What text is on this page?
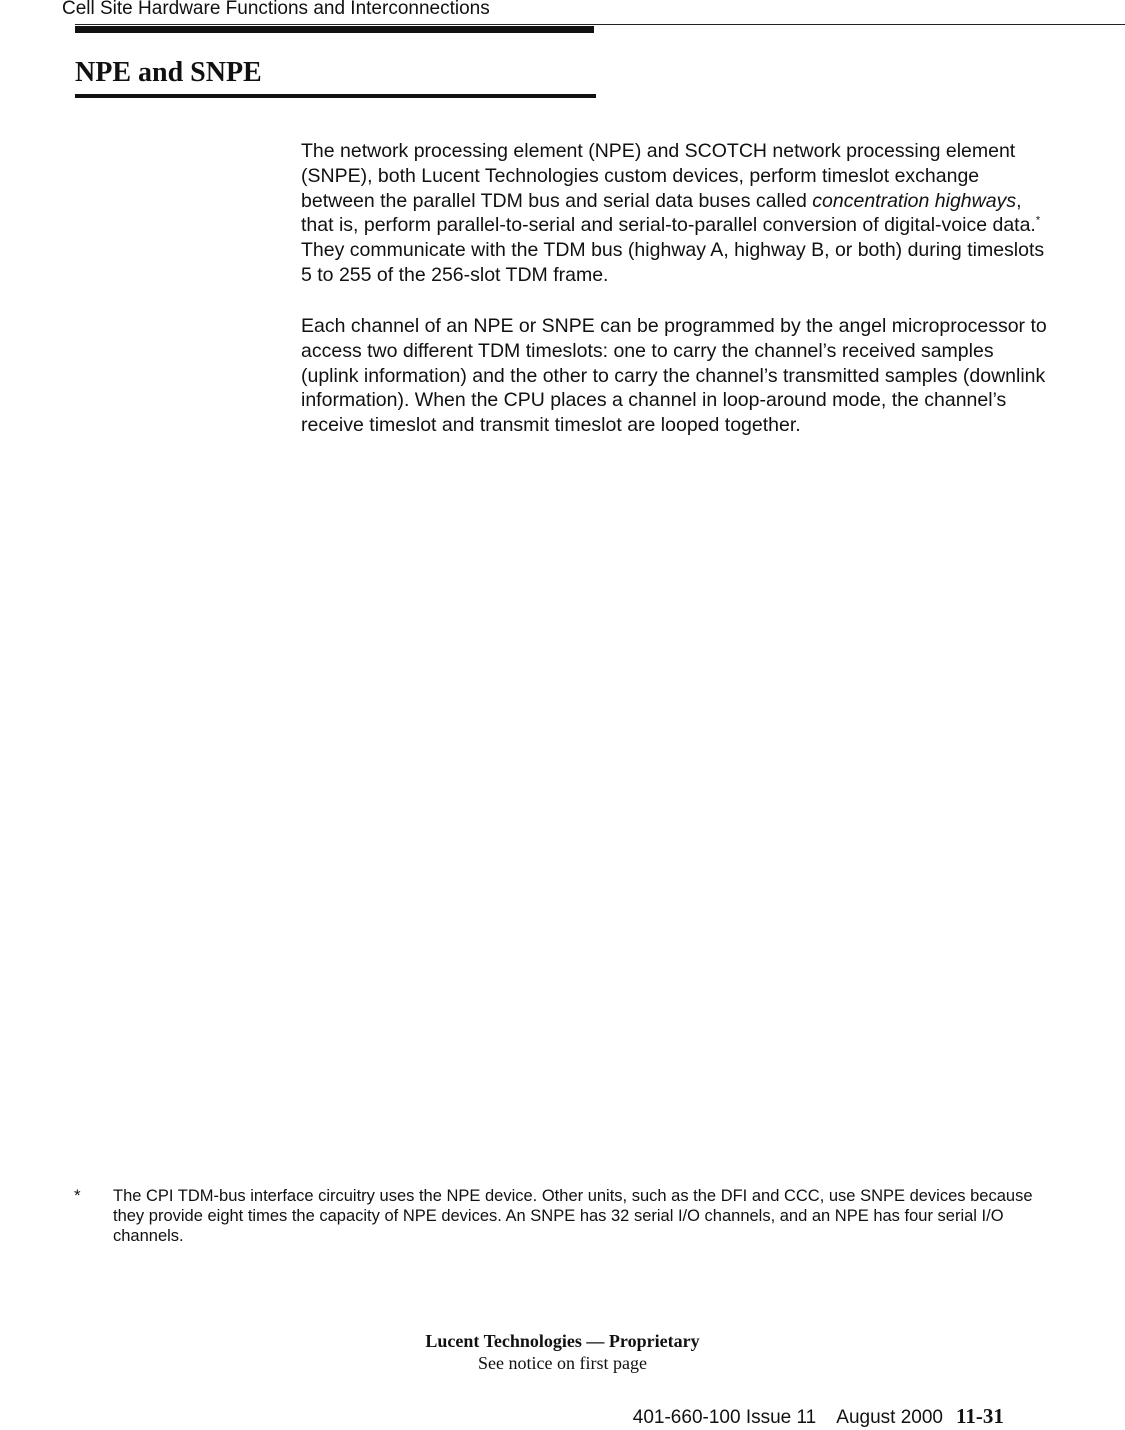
Cell Site Hardware Functions and Interconnections
NPE and SNPE

The network processing element (NPE) and SCOTCH network processing element (SNPE), both Lucent Technologies custom devices, perform timeslot exchange between the parallel TDM bus and serial data buses called concentration highways, that is, perform parallel-to-serial and serial-to-parallel conversion of digital-voice data.* They communicate with the TDM bus (highway A, highway B, or both) during timeslots 5 to 255 of the 256-slot TDM frame.

Each channel of an NPE or SNPE can be programmed by the angel microprocessor to access two different TDM timeslots: one to carry the channel’s received samples (uplink information) and the other to carry the channel’s transmitted samples (downlink information). When the CPU places a channel in loop-around mode, the channel’s receive timeslot and transmit timeslot are looped together.

* The CPI TDM-bus interface circuitry uses the NPE device. Other units, such as the DFI and CCC, use SNPE devices because they provide eight times the capacity of NPE devices. An SNPE has 32 serial I/O channels, and an NPE has four serial I/O channels.

Lucent Technologies — Proprietary
See notice on first page
401-660-100 Issue 11    August 2000 11-31
